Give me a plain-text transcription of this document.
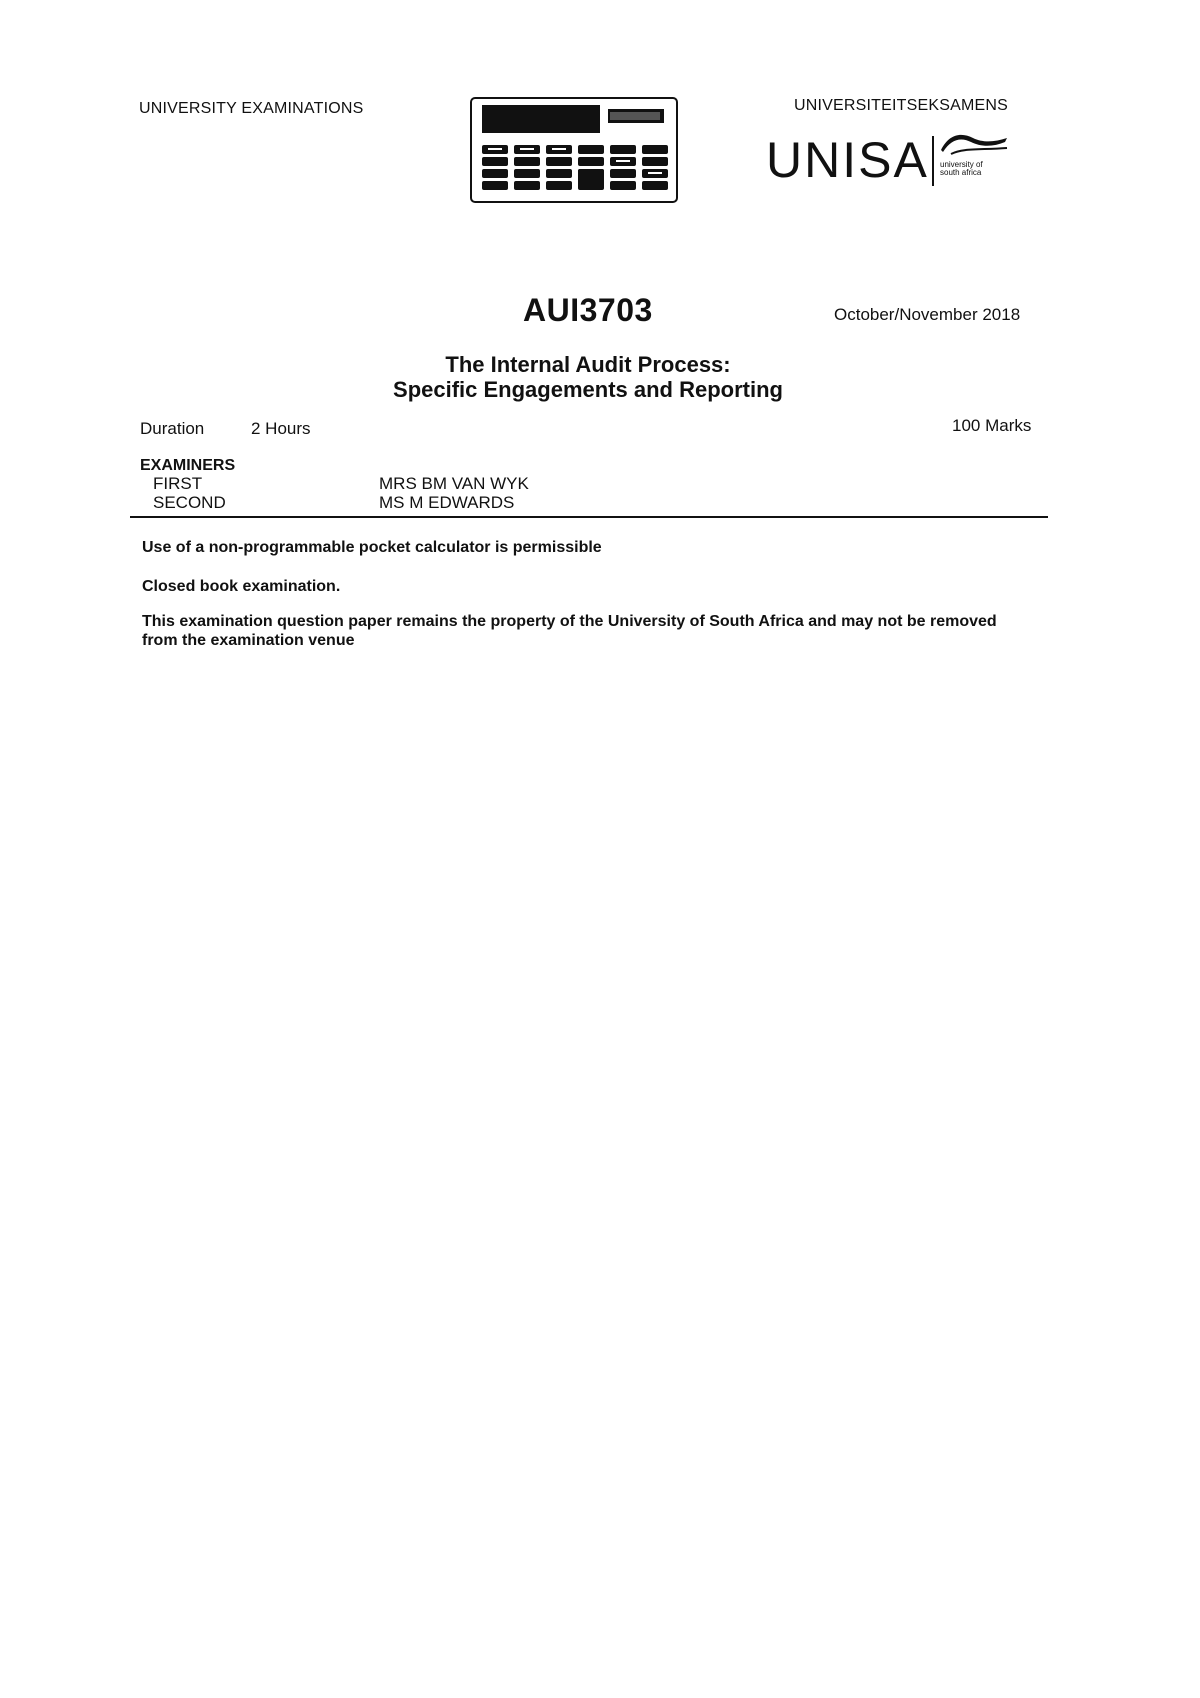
UNIVERSITY EXAMINATIONS	UNIVERSITEITSEKSAMENS
UNISA university of south africa
AUI3703	October/November 2018
The Internal Audit Process:
Specific Engagements and Reporting
Duration	2 Hours	100 Marks
EXAMINERS
FIRST	MRS BM VAN WYK
SECOND	MS M EDWARDS
Use of a non-programmable pocket calculator is permissible
Closed book examination.
This examination question paper remains the property of the University of South Africa and may not be removed from the examination venue
